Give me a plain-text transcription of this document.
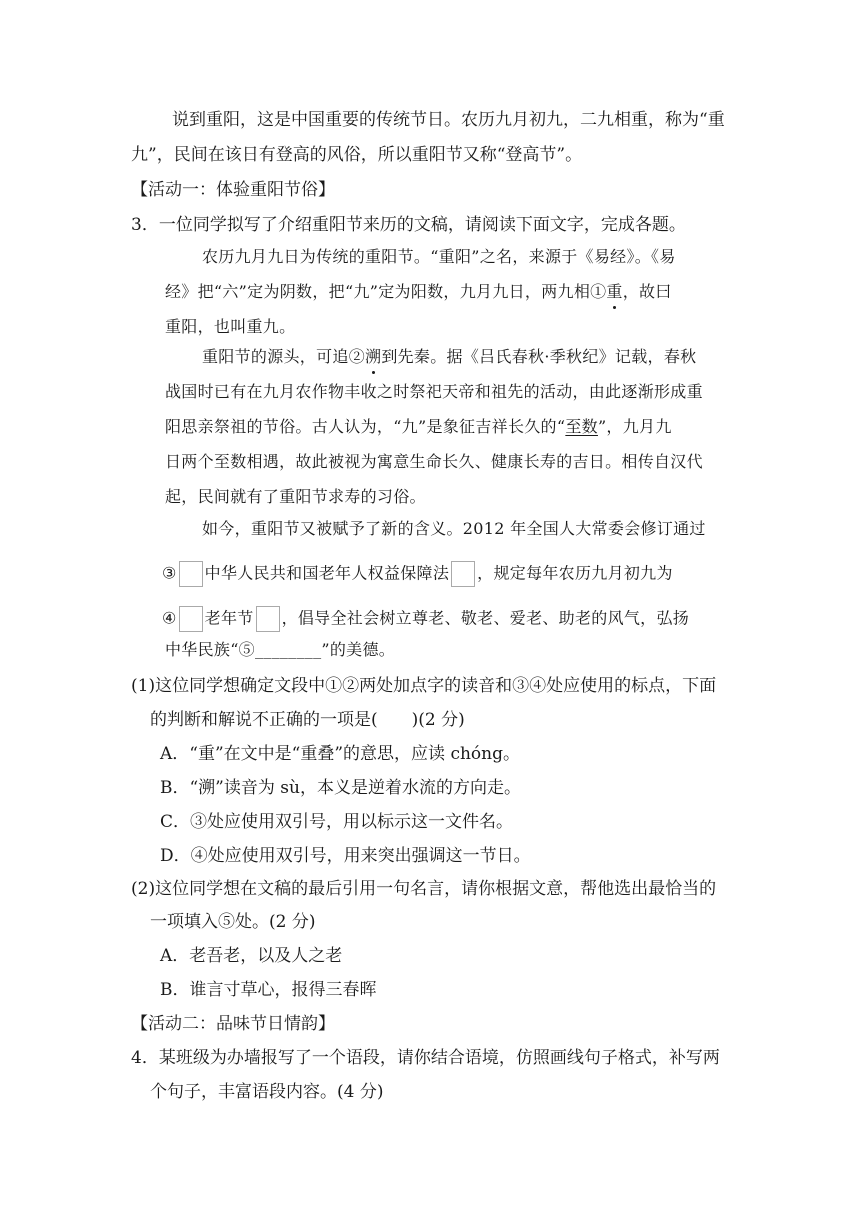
说到重阳，这是中国重要的传统节日。农历九月初九，二九相重，称为“重
九”，民间在该日有登高的风俗，所以重阳节又称“登高节”。
【活动一：体验重阳节俗】
3．一位同学拟写了介绍重阳节来历的文稿，请阅读下面文字，完成各题。
农历九月九日为传统的重阳节。“重阳”之名，来源于《易经》。《易
经》把“六”定为阴数，把“九”定为阳数，九月九日，两九相①重，故曰
重阳，也叫重九。
重阳节的源头，可追②溯到先秦。据《吕氏春秋·季秋纪》记载，春秋
战国时已有在九月农作物丰收之时祭祀天帝和祖先的活动，由此逐渐形成重
阳思亲祭祖的节俗。古人认为，“九”是象征吉祥长久的“至数”，九月九
日两个至数相遇，故此被视为寓意生命长久、健康长寿的吉日。相传自汉代
起，民间就有了重阳节求寿的习俗。
如今，重阳节又被赋予了新的含义。2012 年全国人大常委会修订通过
③ 中华人民共和国老年人权益保障法 ，规定每年农历九月初九为
④ 老年节 ，倡导全社会树立尊老、敬老、爱老、助老的风气，弘扬
中华民族“⑤________”的美德。
(1)这位同学想确定文段中①②两处加点字的读音和③④处应使用的标点，下面
的判断和解说不正确的一项是(　　)(2 分)
A．“重”在文中是“重叠”的意思，应读 chóng。
B．“溯”读音为 sù，本义是逆着水流的方向走。
C．③处应使用双引号，用以标示这一文件名。
D．④处应使用双引号，用来突出强调这一节日。
(2)这位同学想在文稿的最后引用一句名言，请你根据文意，帮他选出最恰当的
一项填入⑤处。(2 分)
A．老吾老，以及人之老
B．谁言寸草心，报得三春晖
【活动二：品味节日情韵】
4．某班级为办墙报写了一个语段，请你结合语境，仿照画线句子格式，补写两
个句子，丰富语段内容。(4 分)
